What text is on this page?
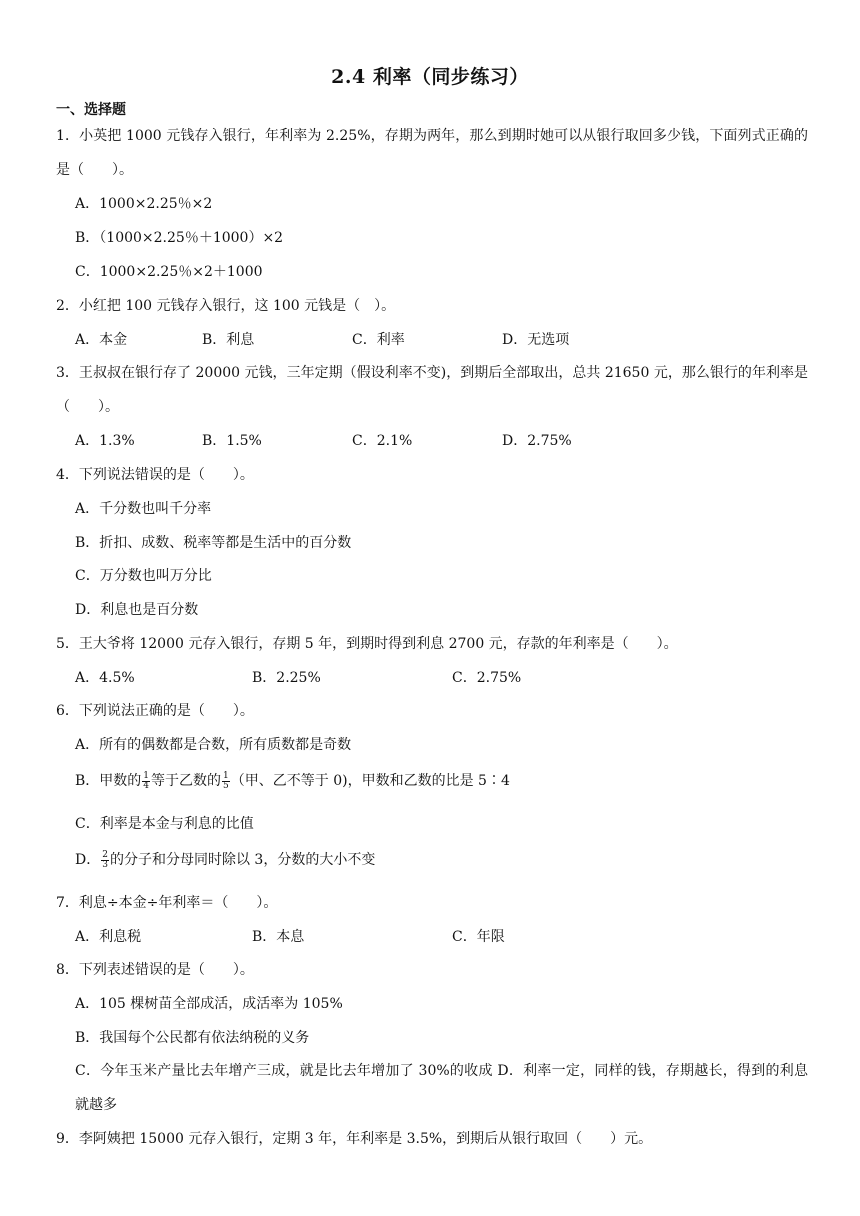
2.4 利率（同步练习）
一、选择题
1．小英把 1000 元钱存入银行，年利率为 2.25%，存期为两年，那么到期时她可以从银行取回多少钱，下面列式正确的是（　　）。
A．1000×2.25％×2
B．（1000×2.25％＋1000）×2
C．1000×2.25％×2＋1000
2．小红把 100 元钱存入银行，这 100 元钱是（　）。
A．本金	B．利息	C．利率	D．无选项
3．王叔叔在银行存了 20000 元钱，三年定期（假设利率不变)，到期后全部取出，总共 21650 元，那么银行的年利率是（　　）。
A．1.3%	B．1.5%	C．2.1%	D．2.75%
4．下列说法错误的是（　　）。
A．千分数也叫千分率
B．折扣、成数、税率等都是生活中的百分数
C．万分数也叫万分比
D．利息也是百分数
5．王大爷将 12000 元存入银行，存期 5 年，到期时得到利息 2700 元，存款的年利率是（　　）。
A．4.5%	B．2.25%	C．2.75%
6．下列说法正确的是（　　）。
A．所有的偶数都是合数，所有质数都是奇数
B．甲数的 $\frac{1}{4}$ 等于乙数的 $\frac{1}{5}$ （甲、乙不等于 0)，甲数和乙数的比是 5∶4
C．利率是本金与利息的比值
D． $\frac{2}{3}$ 的分子和分母同时除以 3，分数的大小不变
7．利息÷本金÷年利率＝（　　）。
A．利息税	B．本息	C．年限
8．下列表述错误的是（　　）。
A．105 棵树苗全部成活，成活率为 105%
B．我国每个公民都有依法纳税的义务
C．今年玉米产量比去年增产三成，就是比去年增加了 30%的收成 D．利率一定，同样的钱，存期越长，得到的利息就越多
9．李阿姨把 15000 元存入银行，定期 3 年，年利率是 3.5%，到期后从银行取回（　　）元。
